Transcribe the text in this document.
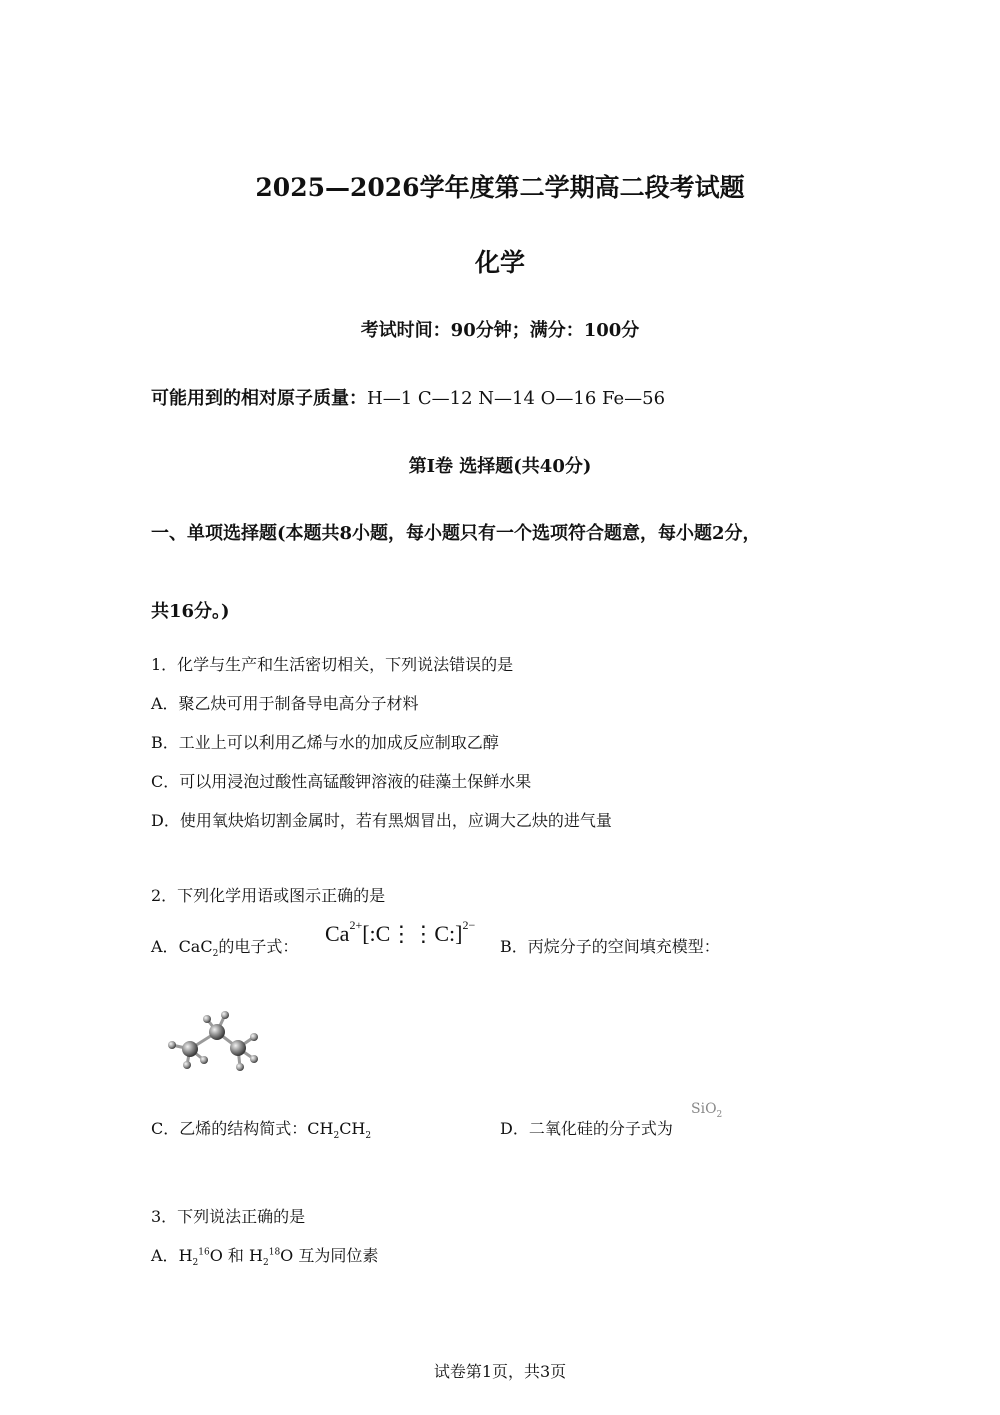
2025—2026学年度第二学期高二段考试题
化学
考试时间：90分钟；满分：100分
可能用到的相对原子质量：H—1 C—12 N—14 O—16 Fe—56
第Ⅰ卷 选择题(共40分)
一、单项选择题(本题共8小题，每小题只有一个选项符合题意，每小题2分，
共16分。)
1．化学与生产和生活密切相关，下列说法错误的是
A．聚乙炔可用于制备导电高分子材料
B．工业上可以利用乙烯与水的加成反应制取乙醇
C．可以用浸泡过酸性高锰酸钾溶液的硅藻土保鲜水果
D．使用氧炔焰切割金属时，若有黑烟冒出，应调大乙炔的进气量
2．下列化学用语或图示正确的是
A．CaC$_2$的电子式：
$Ca^{2+}[:C⋮⋮C:]^{2-}$
B．丙烷分子的空间填充模型：
C．乙烯的结构简式：$CH_2CH_2$	D．二氧化硅的分子式为
SiO$_2$
3．下列说法正确的是
A．$H_2^{16}O$ 和 $H_2^{18}O$ 互为同位素
试卷第1页，共3页
